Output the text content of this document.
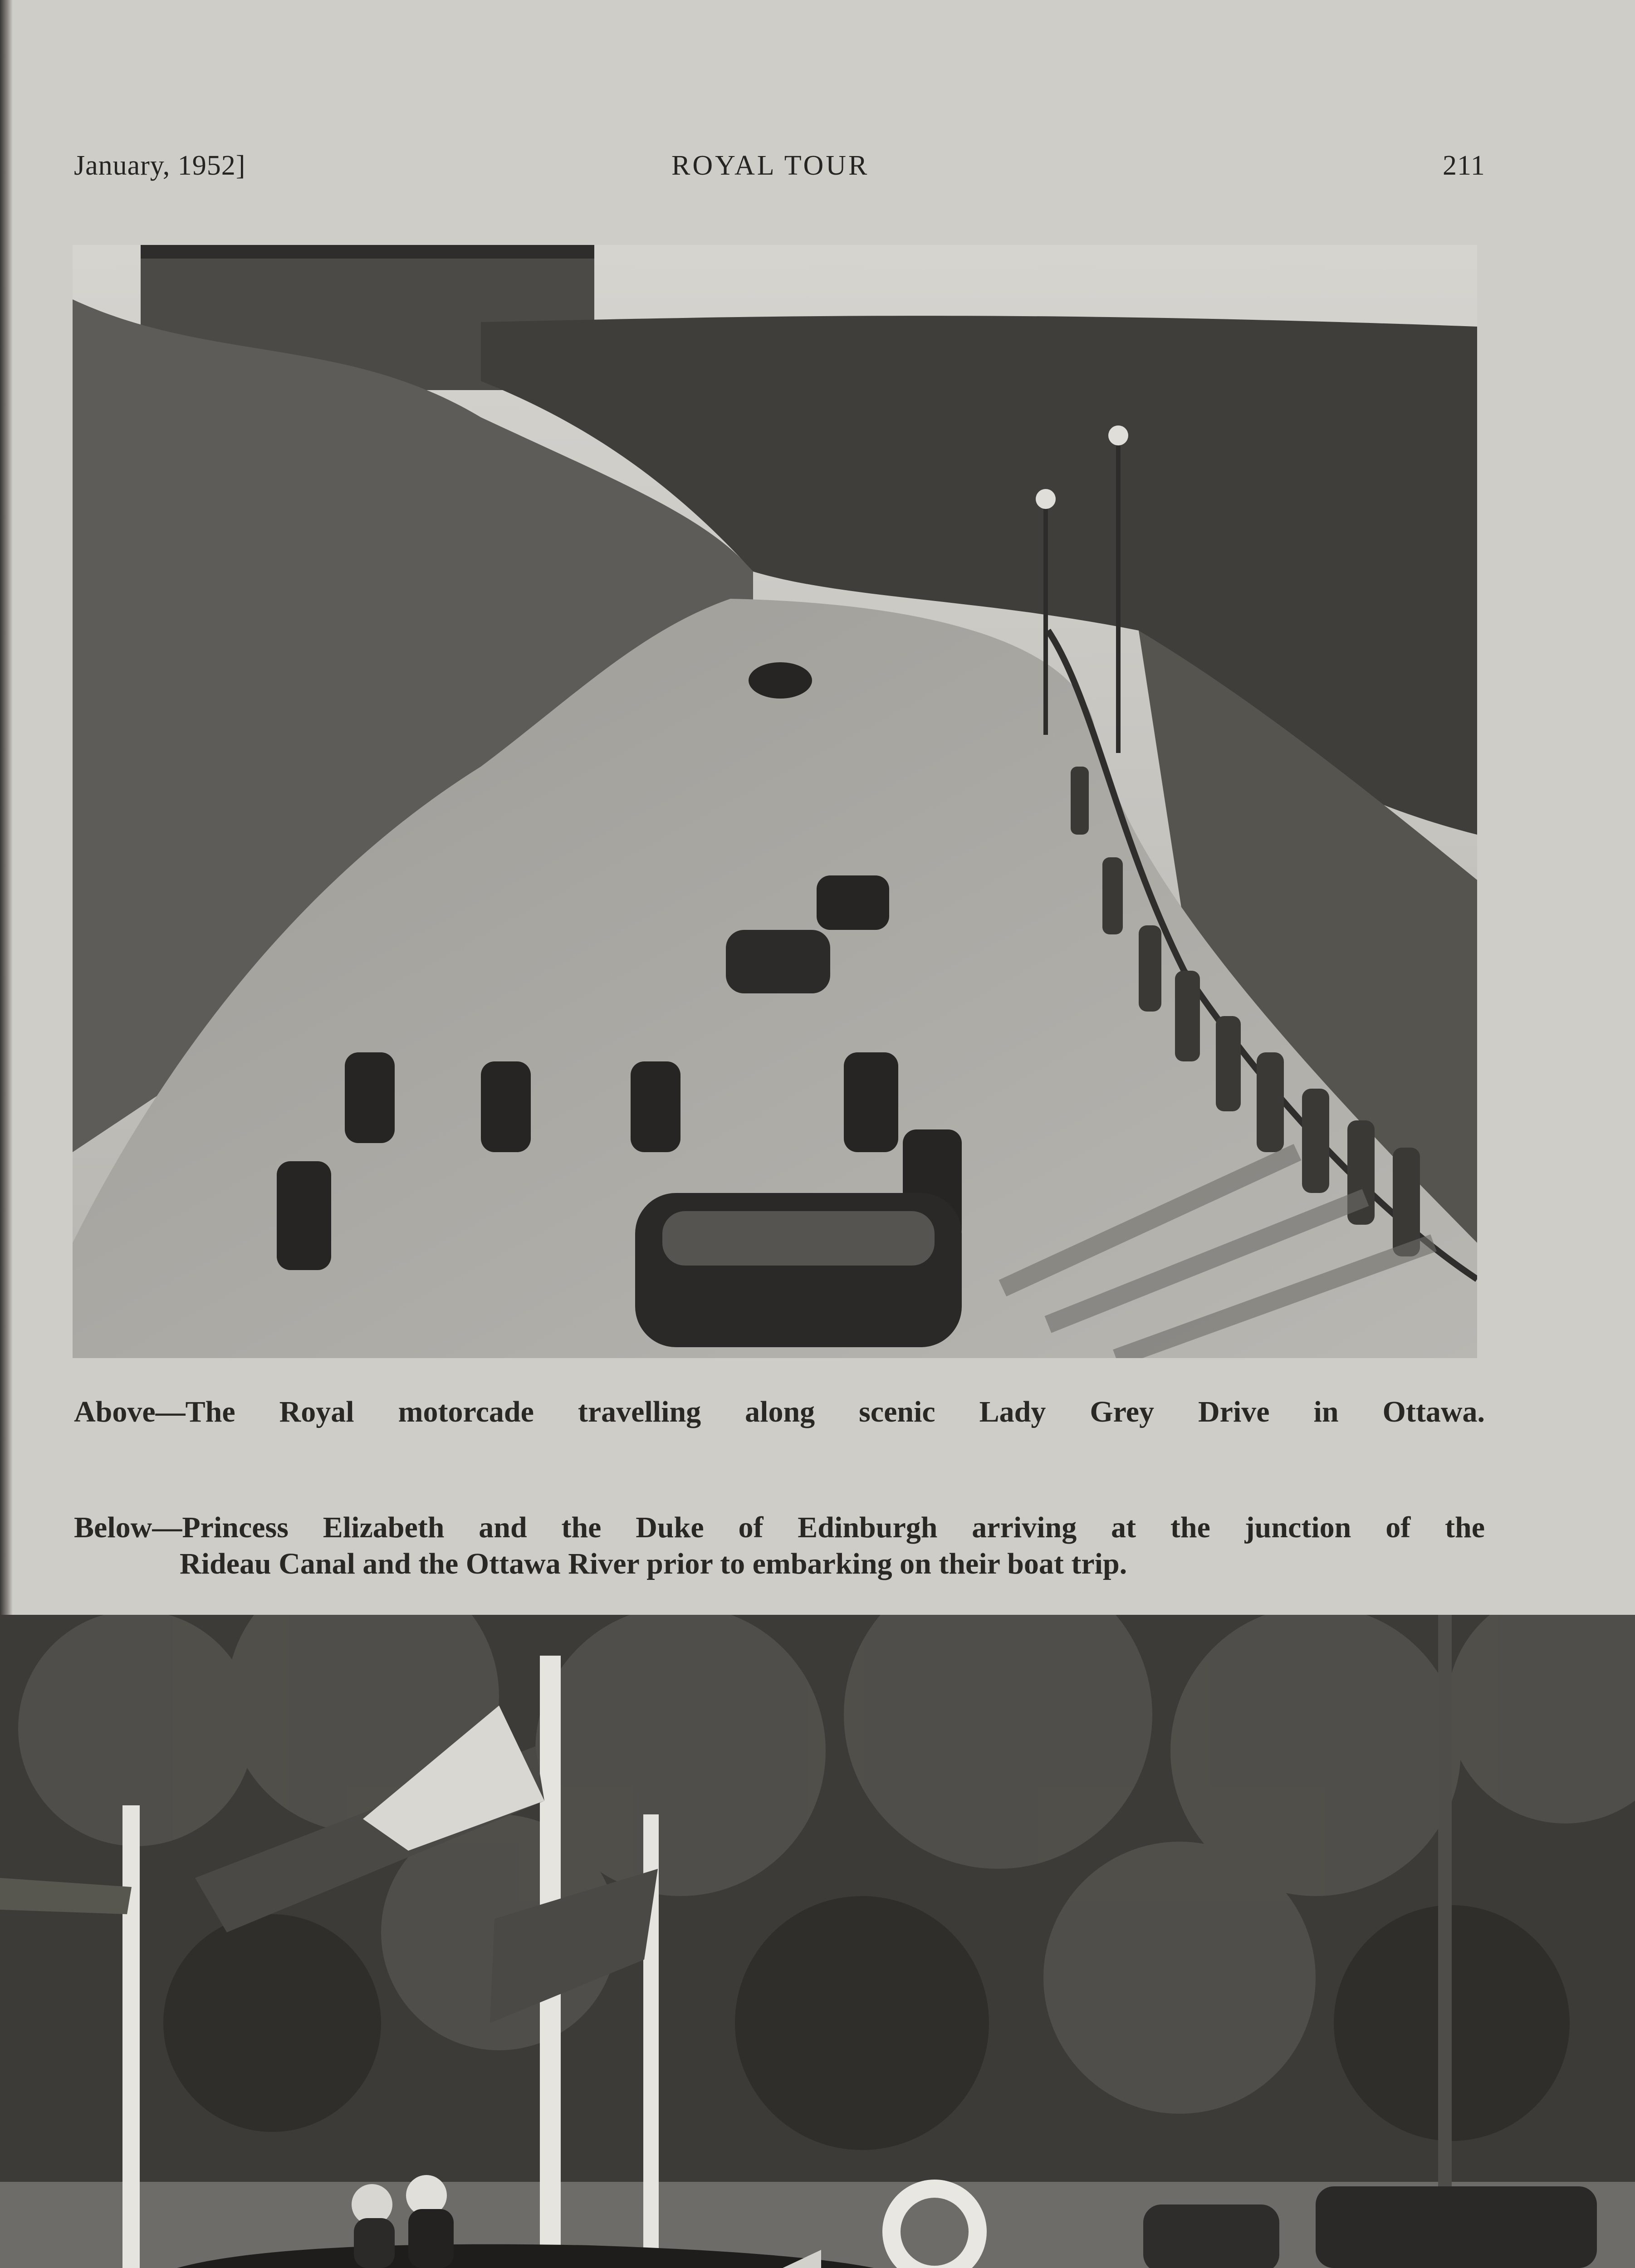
January, 1952]	ROYAL TOUR	211
Above—The Royal motorcade travelling along scenic Lady Grey Drive in Ottawa.
Below—Princess Elizabeth and the Duke of Edinburgh arriving at the junction of the
Rideau Canal and the Ottawa River prior to embarking on their boat trip.
